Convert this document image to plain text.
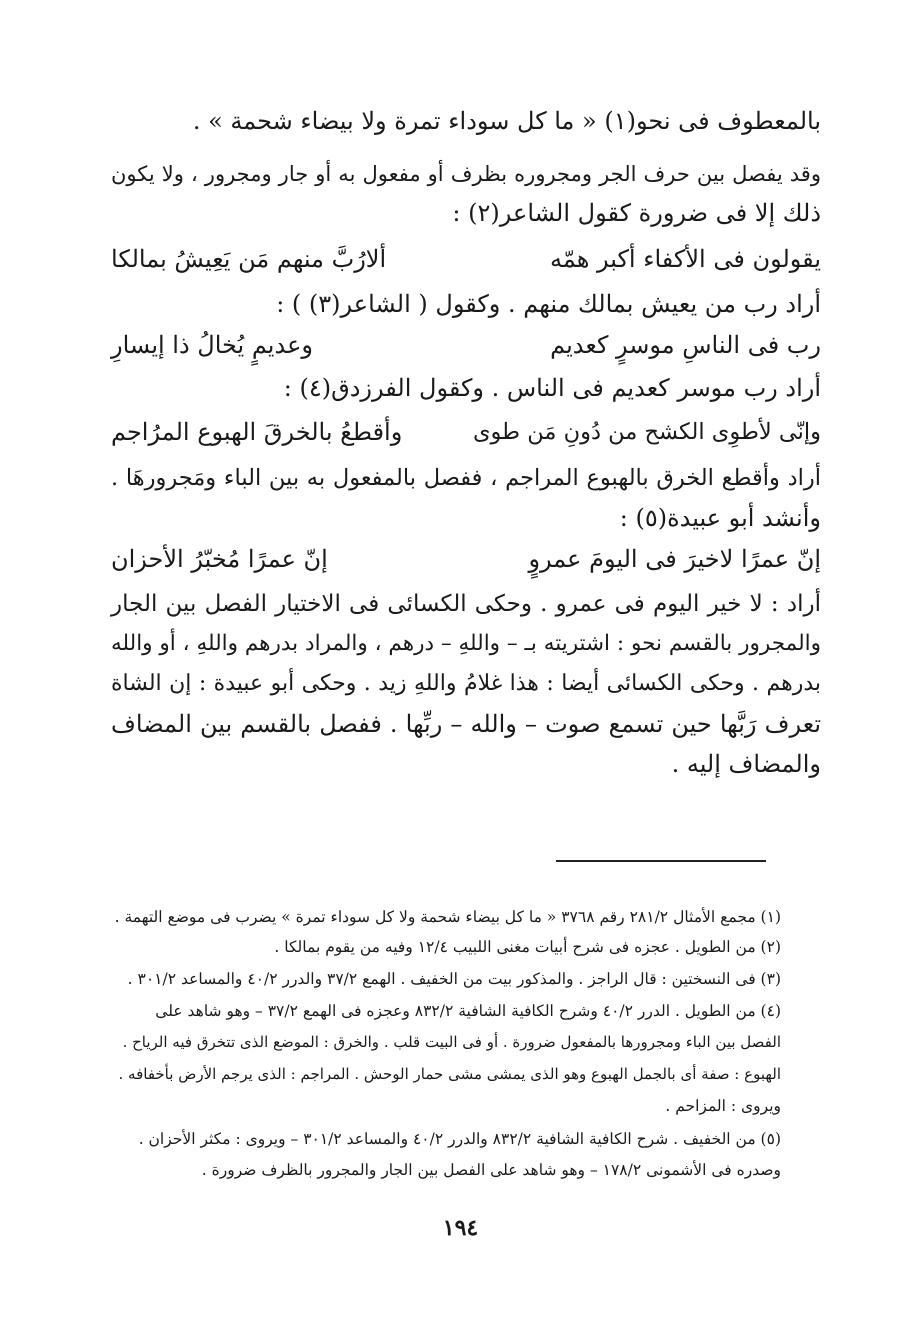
بالمعطوف فى نحو(١) « ما كل سوداء تمرة ولا بيضاء شحمة » .
وقد يفصل بين حرف الجر ومجروره بظرف أو مفعول به أو جار ومجرور ، ولا يكون
ذلك إلا فى ضرورة كقول الشاعر(٢) :
يقولون فى الأكفاء أكبر همّه
ألارُبَّ منهم مَن يَعِيشُ بمالكا
أراد رب من يعيش بمالك منهم . وكقول ( الشاعر(٣) ) :
رب فى الناسِ موسرٍ كعديم
وعديمٍ يُخالُ ذا إيسارِ
أراد رب موسر كعديم فى الناس . وكقول الفرزدق(٤) :
وإنّى لأطوِى الكشح من دُونِ مَن طوى
وأقطعُ بالخرقَ الهبوع المرُاجم
أراد وأقطع الخرق بالهبوع المراجم ، ففصل بالمفعول به بين الباء ومَجرورهَا .
وأنشد أبو عبيدة(٥) :
إنّ عمرًا لاخيرَ فى اليومَ عمروٍ
إنّ عمرًا مُخبّرُ الأحزان
أراد : لا خير اليوم فى عمرو . وحكى الكسائى فى الاختيار الفصل بين الجار
والمجرور بالقسم نحو : اشتريته بـ – واللهِ – درهم ، والمراد بدرهم واللهِ ، أو والله
بدرهم . وحكى الكسائى أيضا : هذا غلامُ واللهِ زيد . وحكى أبو عبيدة : إن الشاة
تعرف رَبَّها حين تسمع صوت – والله – ربِّها . ففصل بالقسم بين المضاف
والمضاف إليه .
(١) مجمع الأمثال ٢٨١/٢ رقم ٣٧٦٨ « ما كل بيضاء شحمة ولا كل سوداء تمرة » يضرب فى موضع التهمة .
(٢) من الطويل . عجزه فى شرح أبيات مغنى اللبيب ١٢/٤ وفيه من يقوم بمالكا .
(٣) فى النسختين : قال الراجز . والمذكور بيت من الخفيف . الهمع ٣٧/٢ والدرر ٤٠/٢ والمساعد ٣٠١/٢ .
(٤) من الطويل . الدرر ٤٠/٢ وشرح الكافية الشافية ٨٣٢/٢ وعجزه فى الهمع ٣٧/٢ – وهو شاهد على
الفصل بين الباء ومجرورها بالمفعول ضرورة . أو فى البيت قلب . والخرق : الموضع الذى تتخرق فيه الرياح .
الهبوع : صفة أى بالجمل الهبوع وهو الذى يمشى مشى حمار الوحش . المراجم : الذى يرجم الأرض بأخفافه .
ويروى : المزاحم .
(٥) من الخفيف . شرح الكافية الشافية ٨٣٢/٢ والدرر ٤٠/٢ والمساعد ٣٠١/٢ – ويروى : مكثر الأحزان .
وصدره فى الأشمونى ١٧٨/٢ – وهو شاهد على الفصل بين الجار والمجرور بالظرف ضرورة .
١٩٤
